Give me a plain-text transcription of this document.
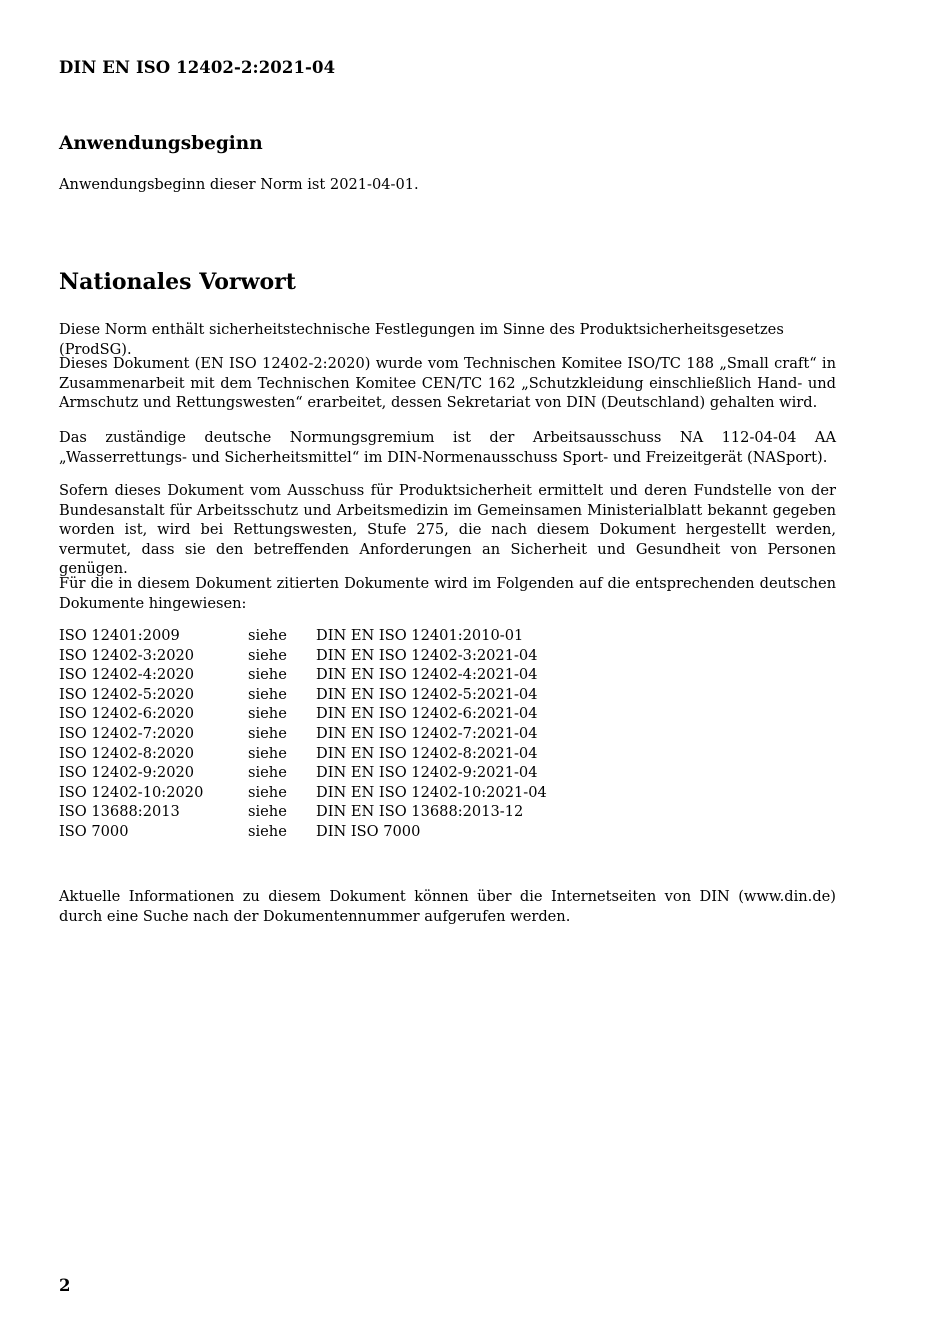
DIN EN ISO 12402-2:2021-04
Anwendungsbeginn
Anwendungsbeginn dieser Norm ist 2021-04-01.
Nationales Vorwort
Diese Norm enthält sicherheitstechnische Festlegungen im Sinne des Produktsicherheitsgesetzes (ProdSG).
Dieses Dokument (EN ISO 12402-2:2020) wurde vom Technischen Komitee ISO/TC 188 „Small craft“ in Zusammenarbeit mit dem Technischen Komitee CEN/TC 162 „Schutzkleidung einschließlich Hand- und Armschutz und Rettungswesten“ erarbeitet, dessen Sekretariat von DIN (Deutschland) gehalten wird.
Das zuständige deutsche Normungsgremium ist der Arbeitsausschuss NA 112-04-04 AA „Wasserrettungs- und Sicherheitsmittel“ im DIN-Normenausschuss Sport- und Freizeitgerät (NASport).
Sofern dieses Dokument vom Ausschuss für Produktsicherheit ermittelt und deren Fundstelle von der Bundesanstalt für Arbeitsschutz und Arbeitsmedizin im Gemeinsamen Ministerialblatt bekannt gegeben worden ist, wird bei Rettungswesten, Stufe 275, die nach diesem Dokument hergestellt werden, vermutet, dass sie den betreffenden Anforderungen an Sicherheit und Gesundheit von Personen genügen.
Für die in diesem Dokument zitierten Dokumente wird im Folgenden auf die entsprechenden deutschen Dokumente hingewiesen:
ISO 12401:2009	siehe	DIN EN ISO 12401:2010-01
ISO 12402-3:2020	siehe	DIN EN ISO 12402-3:2021-04
ISO 12402-4:2020	siehe	DIN EN ISO 12402-4:2021-04
ISO 12402-5:2020	siehe	DIN EN ISO 12402-5:2021-04
ISO 12402-6:2020	siehe	DIN EN ISO 12402-6:2021-04
ISO 12402-7:2020	siehe	DIN EN ISO 12402-7:2021-04
ISO 12402-8:2020	siehe	DIN EN ISO 12402-8:2021-04
ISO 12402-9:2020	siehe	DIN EN ISO 12402-9:2021-04
ISO 12402-10:2020	siehe	DIN EN ISO 12402-10:2021-04
ISO 13688:2013	siehe	DIN EN ISO 13688:2013-12
ISO 7000	siehe	DIN ISO 7000
Aktuelle Informationen zu diesem Dokument können über die Internetseiten von DIN (www.din.de) durch eine Suche nach der Dokumentennummer aufgerufen werden.
2
